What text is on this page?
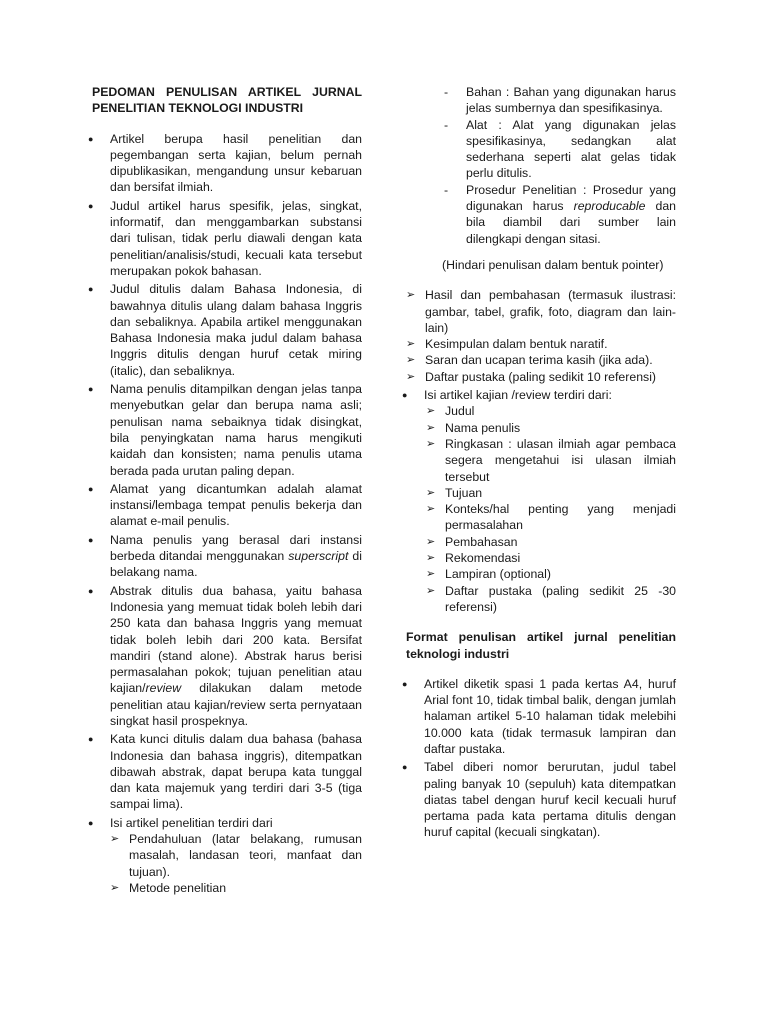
PEDOMAN PENULISAN ARTIKEL JURNAL PENELITIAN TEKNOLOGI INDUSTRI
● Artikel berupa hasil penelitian dan pegembangan serta kajian, belum pernah dipublikasikan, mengandung unsur kebaruan dan bersifat ilmiah.
● Judul artikel harus spesifik, jelas, singkat, informatif, dan menggambarkan substansi dari tulisan, tidak perlu diawali dengan kata penelitian/analisis/studi, kecuali kata tersebut merupakan pokok bahasan.
● Judul ditulis dalam Bahasa Indonesia, di bawahnya ditulis ulang dalam bahasa Inggris dan sebaliknya. Apabila artikel menggunakan Bahasa Indonesia maka judul dalam bahasa Inggris ditulis dengan huruf cetak miring (italic), dan sebaliknya.
● Nama penulis ditampilkan dengan jelas tanpa menyebutkan gelar dan berupa nama asli; penulisan nama sebaiknya tidak disingkat, bila penyingkatan nama harus mengikuti kaidah dan konsisten; nama penulis utama berada pada urutan paling depan.
● Alamat yang dicantumkan adalah alamat instansi/lembaga tempat penulis bekerja dan alamat e-mail penulis.
● Nama penulis yang berasal dari instansi berbeda ditandai menggunakan superscript di belakang nama.
● Abstrak ditulis dua bahasa, yaitu bahasa Indonesia yang memuat tidak boleh lebih dari 250 kata dan bahasa Inggris yang memuat tidak boleh lebih dari 200 kata. Bersifat mandiri (stand alone). Abstrak harus berisi permasalahan pokok; tujuan penelitian atau kajian/review dilakukan dalam metode penelitian atau kajian/review serta pernyataan singkat hasil prospeknya.
● Kata kunci ditulis dalam dua bahasa (bahasa Indonesia dan bahasa inggris), ditempatkan dibawah abstrak, dapat berupa kata tunggal dan kata majemuk yang terdiri dari 3-5 (tiga sampai lima).
● Isi artikel penelitian terdiri dari
➢ Pendahuluan (latar belakang, rumusan masalah, landasan teori, manfaat dan tujuan).
➢ Metode penelitian
- Bahan : Bahan yang digunakan harus jelas sumbernya dan spesifikasinya.
- Alat : Alat yang digunakan jelas spesifikasinya, sedangkan alat sederhana seperti alat gelas tidak perlu ditulis.
- Prosedur Penelitian : Prosedur yang digunakan harus reproducable dan bila diambil dari sumber lain dilengkapi dengan sitasi.
(Hindari penulisan dalam bentuk pointer)
➢ Hasil dan pembahasan (termasuk ilustrasi: gambar, tabel, grafik, foto, diagram dan lain-lain)
➢ Kesimpulan dalam bentuk naratif.
➢ Saran dan ucapan terima kasih (jika ada).
➢ Daftar pustaka (paling sedikit 10 referensi)
● Isi artikel kajian /review terdiri dari:
➢ Judul
➢ Nama penulis
➢ Ringkasan : ulasan ilmiah agar pembaca segera mengetahui isi ulasan ilmiah tersebut
➢ Tujuan
➢ Konteks/hal penting yang menjadi permasalahan
➢ Pembahasan
➢ Rekomendasi
➢ Lampiran (optional)
➢ Daftar pustaka (paling sedikit 25 -30 referensi)
Format penulisan artikel jurnal penelitian teknologi industri
● Artikel diketik spasi 1 pada kertas A4, huruf Arial font 10, tidak timbal balik, dengan jumlah halaman artikel 5-10 halaman tidak melebihi 10.000 kata (tidak termasuk lampiran dan daftar pustaka.
● Tabel diberi nomor berurutan, judul tabel paling banyak 10 (sepuluh) kata ditempatkan diatas tabel dengan huruf kecil kecuali huruf pertama pada kata pertama ditulis dengan huruf capital (kecuali singkatan).
